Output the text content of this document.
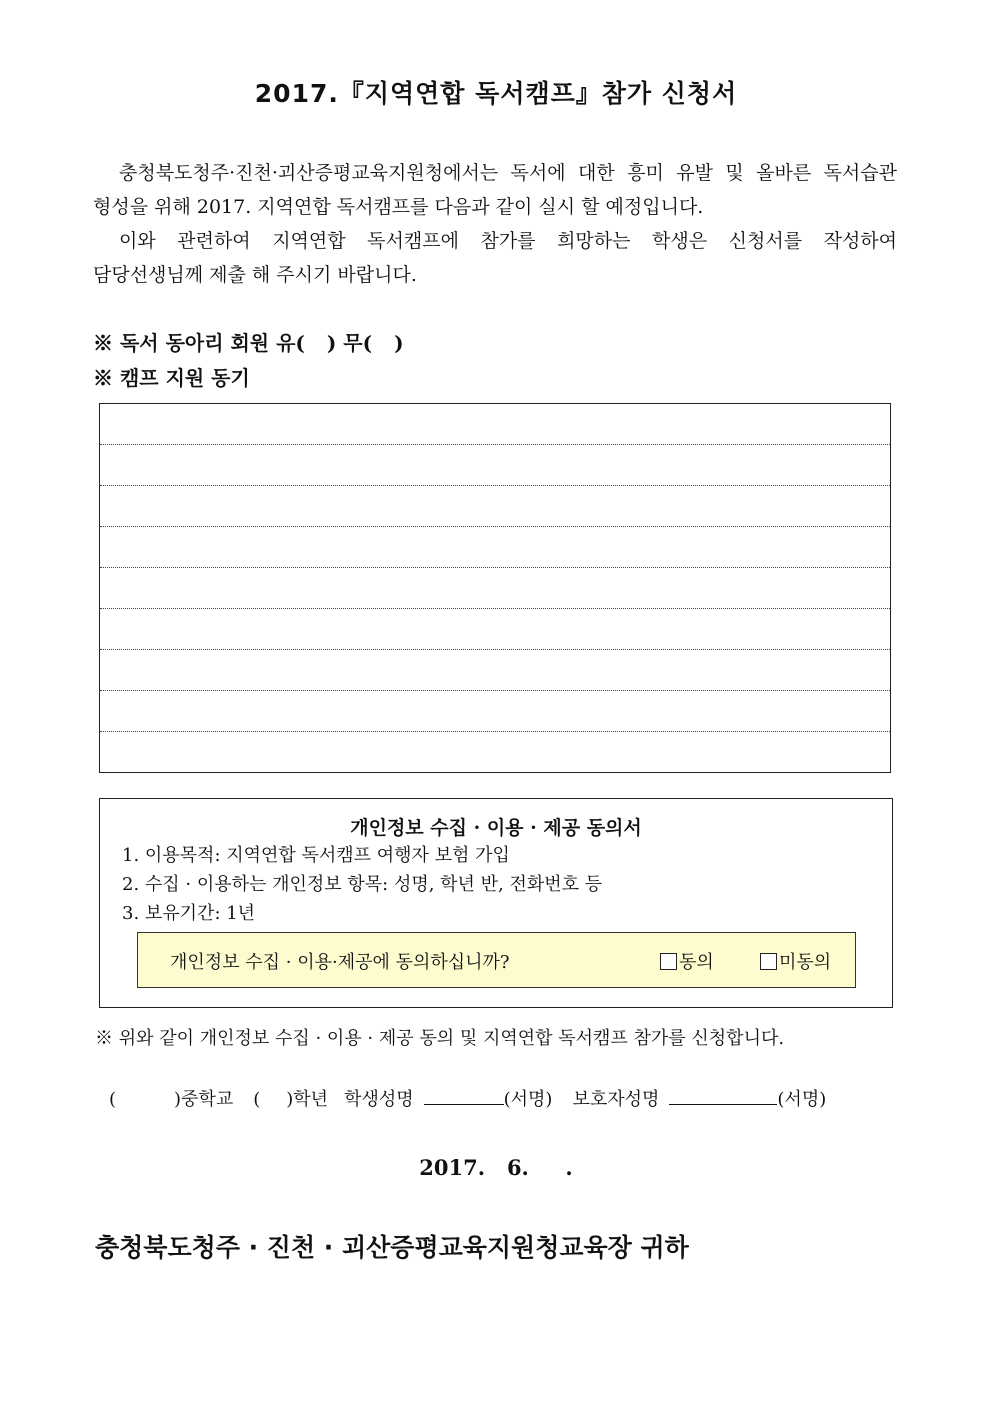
2017.『지역연합 독서캠프』참가 신청서
충청북도청주·진천·괴산증평교육지원청에서는 독서에 대한 흥미 유발 및 올바른 독서습관
형성을 위해 2017. 지역연합 독서캠프를 다음과 같이 실시 할 예정입니다.
이와 관련하여 지역연합 독서캠프에 참가를 희망하는 학생은 신청서를 작성하여
담당선생님께 제출 해 주시기 바랍니다.
※ 독서 동아리 회원 유( ) 무( )
※ 캠프 지원 동기
개인정보 수집 · 이용 · 제공 동의서
1. 이용목적: 지역연합 독서캠프 여행자 보험 가입
2. 수집 · 이용하는 개인정보 항목: 성명, 학년 반, 전화번호 등
3. 보유기간: 1년
개인정보 수집 · 이용·제공에 동의하십니까?	동의	미동의
※ 위와 같이 개인정보 수집 · 이용 · 제공 동의 및 지역연합 독서캠프 참가를 신청합니다.
(	)중학교 ( )학년 학생성명	(서명) 보호자성명	(서명)
2017.   6.     .
충청북도청주 · 진천 · 괴산증평교육지원청교육장 귀하
